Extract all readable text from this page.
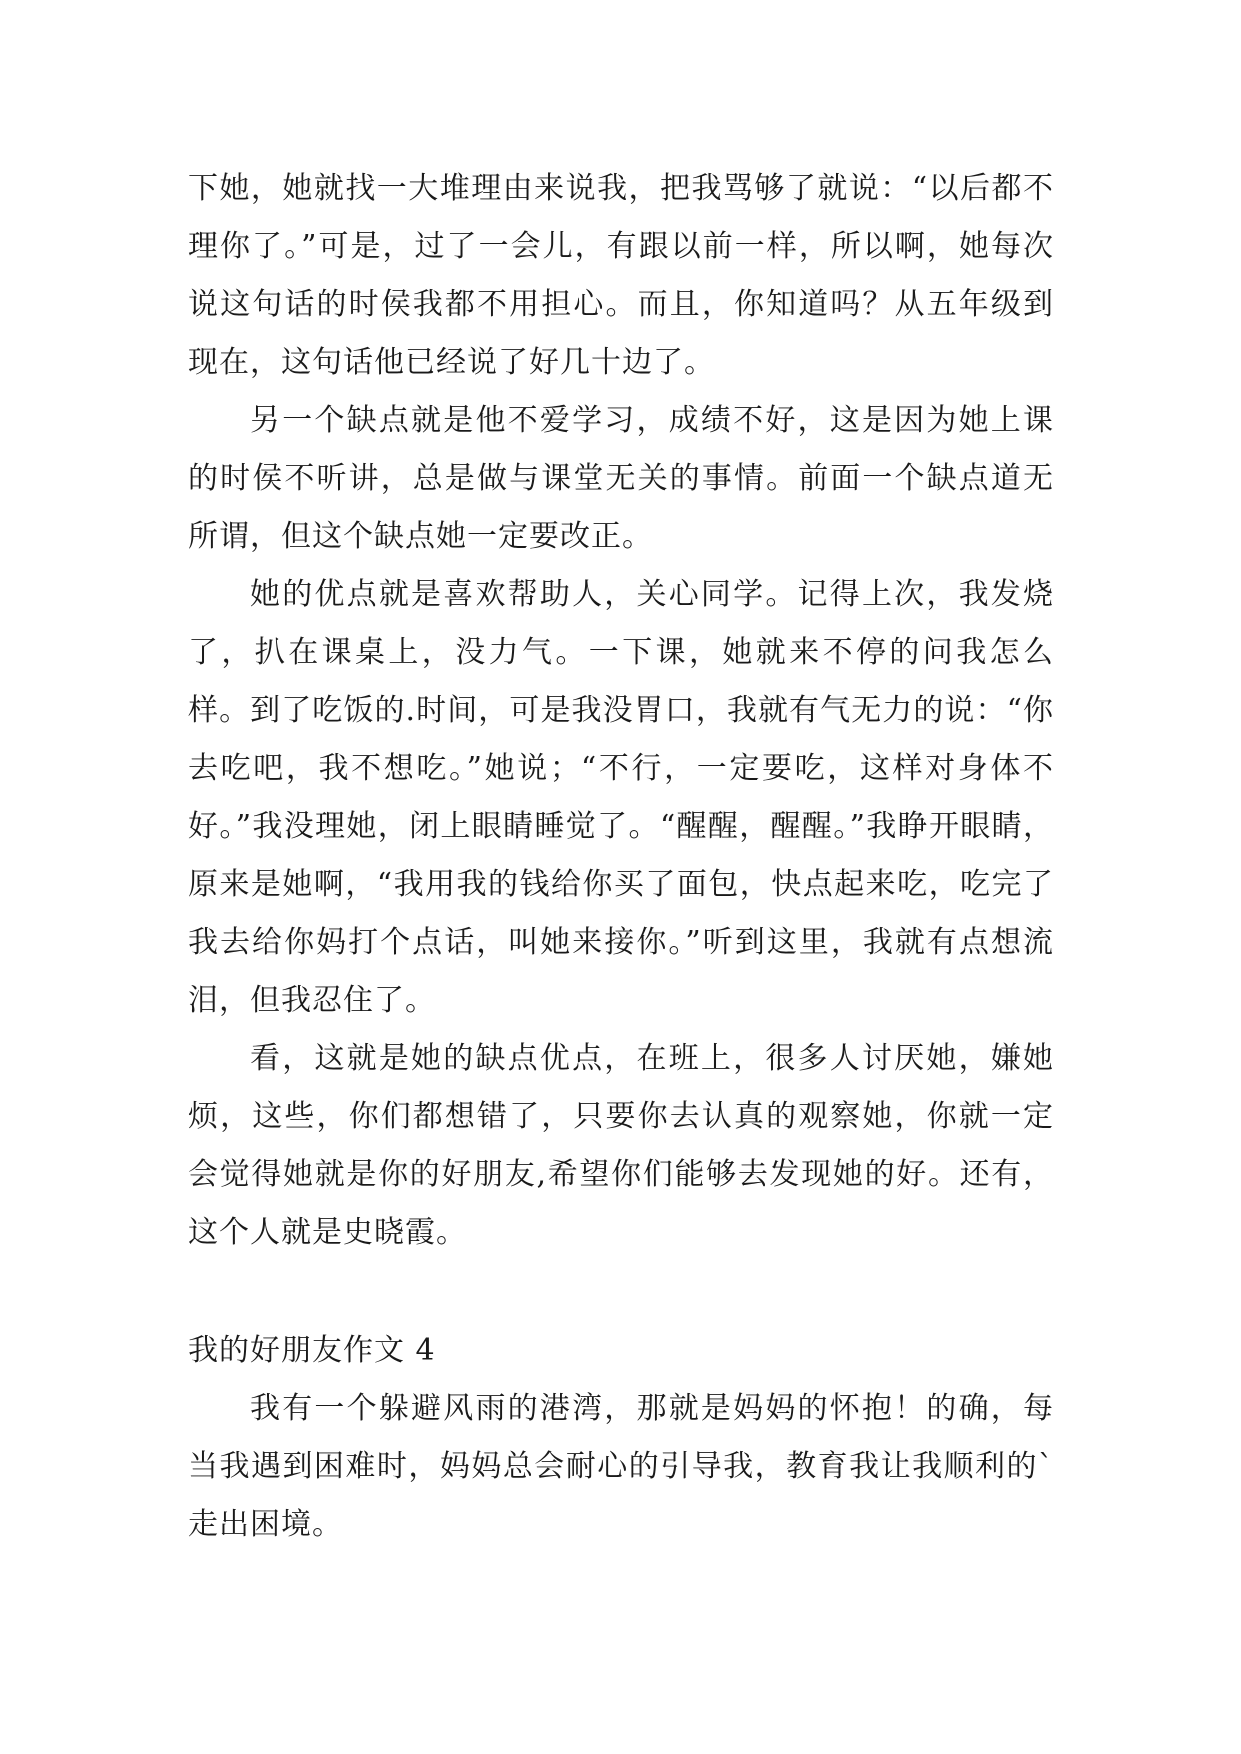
下她，她就找一大堆理由来说我，把我骂够了就说：“以后都不理你了。”可是，过了一会儿，有跟以前一样，所以啊，她每次说这句话的时侯我都不用担心。而且，你知道吗？从五年级到现在，这句话他已经说了好几十边了。

另一个缺点就是他不爱学习，成绩不好，这是因为她上课的时侯不听讲，总是做与课堂无关的事情。前面一个缺点道无所谓，但这个缺点她一定要改正。

她的优点就是喜欢帮助人，关心同学。记得上次，我发烧了，扒在课桌上，没力气。一下课，她就来不停的问我怎么样。到了吃饭的.时间，可是我没胃口，我就有气无力的说：“你去吃吧，我不想吃。”她说；“不行，一定要吃，这样对身体不好。”我没理她，闭上眼睛睡觉了。“醒醒，醒醒。”我睁开眼睛，原来是她啊，“我用我的钱给你买了面包，快点起来吃，吃完了我去给你妈打个点话，叫她来接你。”听到这里，我就有点想流泪，但我忍住了。

看，这就是她的缺点优点，在班上，很多人讨厌她，嫌她烦，这些，你们都想错了，只要你去认真的观察她，你就一定会觉得她就是你的好朋友,希望你们能够去发现她的好。还有，这个人就是史晓霞。

我的好朋友作文 4

我有一个躲避风雨的港湾，那就是妈妈的怀抱！的确，每当我遇到困难时，妈妈总会耐心的引导我，教育我让我顺利的`走出困境。
